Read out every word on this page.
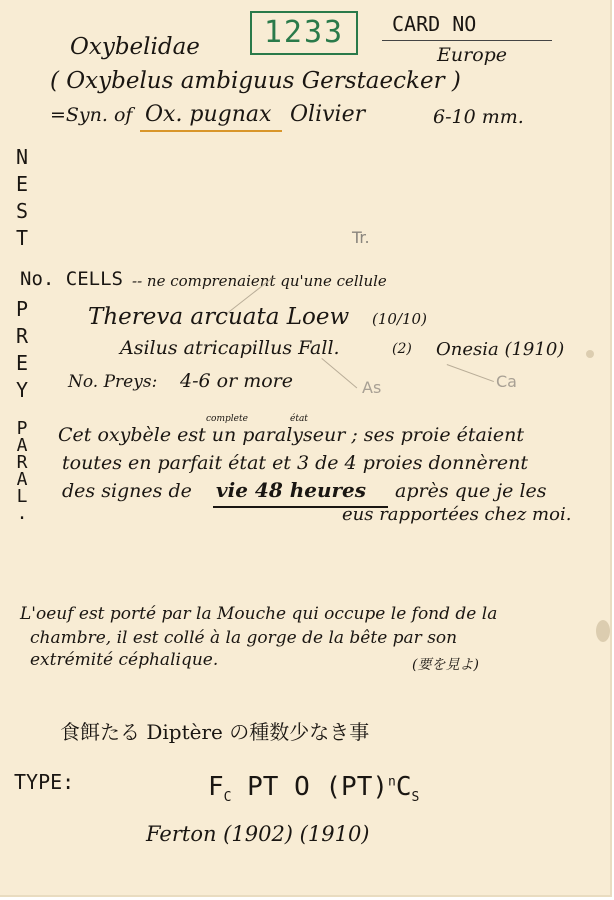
Oxybelidae	1233	CARD NO
Europe
( Oxybelus ambiguus Gerstaecker )
=Syn. of Ox. pugnax Olivier	6-10 mm.
N
E
S
T	Tr.
No. CELLS -- ne comprenaient qu'une cellule
P
R
E
Y
Thereva arcuata Loew (10/10)
Asilus atricapillus Fall.	(2) Onesia (1910)
Ca
As
No. Preys: 4-6 or more
P
A
R
A
L
.
complete	état
Cet oxybèle est un paralyseur ; ses proie étaient
toutes en parfait état et 3 de 4 proies donnèrent
des signes de vie 48 heures après que je les
eus rapportées chez moi.
L'oeuf est porté par la Mouche qui occupe le fond de la
chambre, il est collé à la gorge de la bête par son
extrémité céphalique.	(要を見よ)
食餌たる Diptère の種数少なき事
TYPE:	$F_C$ PT O $(PT)^nC_S$
Ferton (1902) (1910)
